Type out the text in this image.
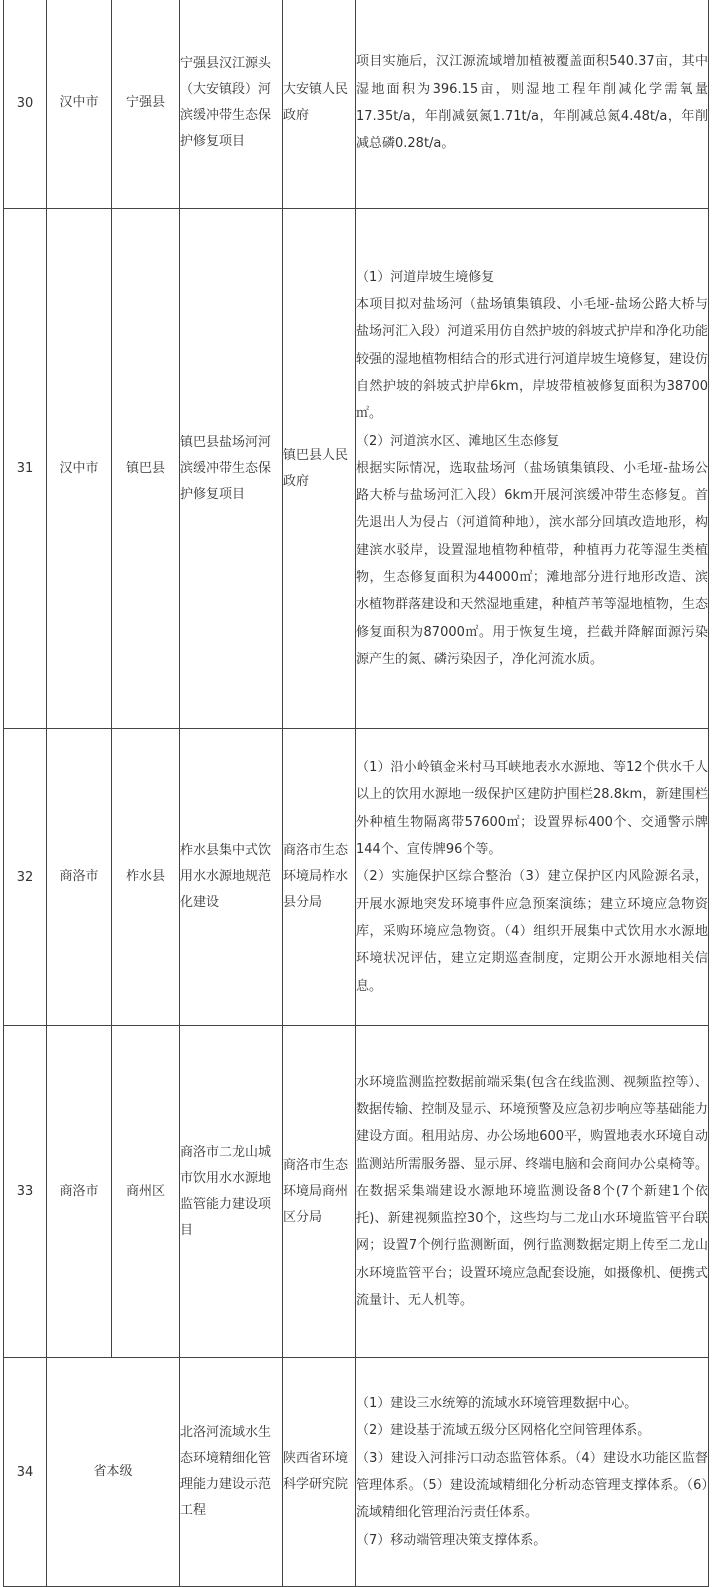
30	汉中市	宁强县	宁强县汉江源头（大安镇段）河滨缓冲带生态保护修复项目	大安镇人民政府	项目实施后，汉江源流域增加植被覆盖面积540.37亩，其中湿地面积为396.15亩，则湿地工程年削减化学需氧量17.35t/a，年削减氨氮1.71t/a，年削减总氮4.48t/a，年削减总磷0.28t/a。

31	汉中市	镇巴县	镇巴县盐场河河滨缓冲带生态保护修复项目	镇巴县人民政府	（1）河道岸坡生境修复
本项目拟对盐场河（盐场镇集镇段、小毛垭-盐场公路大桥与盐场河汇入段）河道采用仿自然护坡的斜坡式护岸和净化功能较强的湿地植物相结合的形式进行河道岸坡生境修复，建设仿自然护坡的斜坡式护岸6km，岸坡带植被修复面积为38700㎡。
（2）河道滨水区、滩地区生态修复
根据实际情况，选取盐场河（盐场镇集镇段、小毛垭-盐场公路大桥与盐场河汇入段）6km开展河滨缓冲带生态修复。首先退出人为侵占（河道简种地），滨水部分回填改造地形，构建滨水驳岸，设置湿地植物种植带，种植再力花等湿生类植物，生态修复面积为44000㎡；滩地部分进行地形改造、滨水植物群落建设和天然湿地重建，种植芦苇等湿地植物，生态修复面积为87000㎡。用于恢复生境，拦截并降解面源污染源产生的氮、磷污染因子，净化河流水质。

32	商洛市	柞水县	柞水县集中式饮用水水源地规范化建设	商洛市生态环境局柞水县分局	（1）沿小岭镇金米村马耳峡地表水水源地、等12个供水千人以上的饮用水源地一级保护区建防护围栏28.8km，新建围栏外种植生物隔离带57600㎡；设置界标400个、交通警示牌144个、宣传牌96个等。
（2）实施保护区综合整治（3）建立保护区内风险源名录，开展水源地突发环境事件应急预案演练；建立环境应急物资库，采购环境应急物资。（4）组织开展集中式饮用水水源地环境状况评估，建立定期巡查制度，定期公开水源地相关信息。

33	商洛市	商州区	商洛市二龙山城市饮用水水源地监管能力建设项目	商洛市生态环境局商州区分局	水环境监测监控数据前端采集(包含在线监测、视频监控等）、数据传输、控制及显示、环境预警及应急初步响应等基础能力建设方面。租用站房、办公场地600平，购置地表水环境自动监测站所需服务器、显示屏、终端电脑和会商间办公桌椅等。在数据采集端建设水源地环境监测设备8个(7个新建1个依托)、新建视频监控30个，这些均与二龙山水环境监管平台联网；设置7个例行监测断面，例行监测数据定期上传至二龙山水环境监管平台；设置环境应急配套设施，如摄像机、便携式流量计、无人机等。

34	省本级		北洛河流域水生态环境精细化管理能力建设示范工程	陕西省环境科学研究院	（1）建设三水统筹的流域水环境管理数据中心。
（2）建设基于流域五级分区网格化空间管理体系。
（3）建设入河排污口动态监管体系。（4）建设水功能区监督管理体系。（5）建设流域精细化分析动态管理支撑体系。（6）流域精细化管理治污责任体系。
（7）移动端管理决策支撑体系。
